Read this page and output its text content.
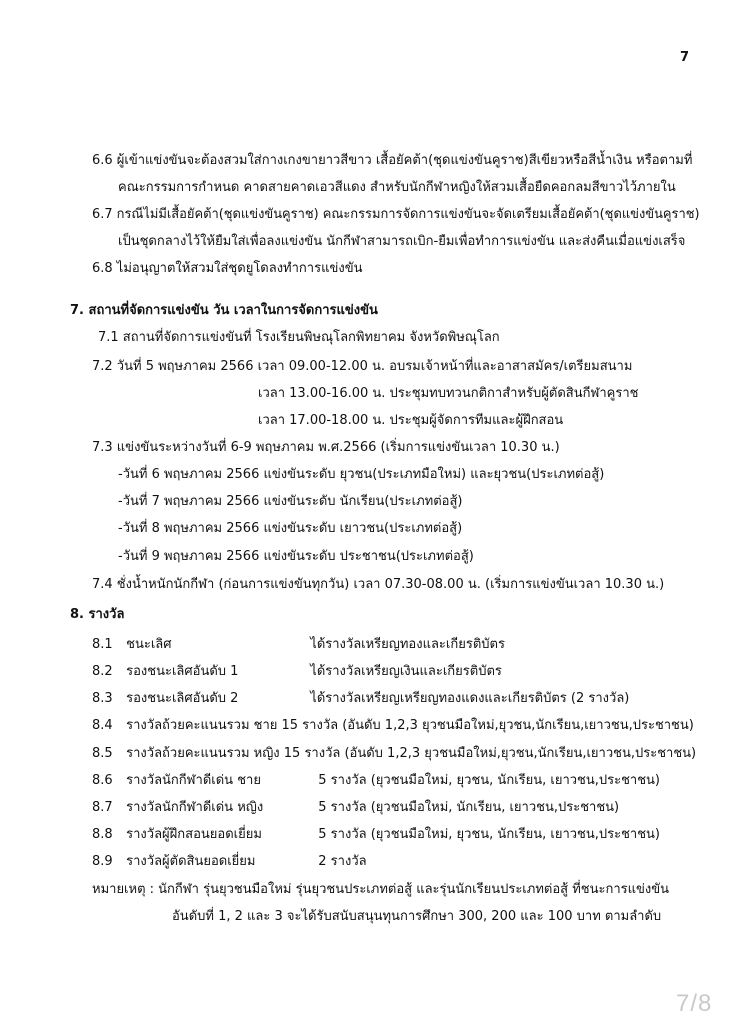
7
6.6 ผู้เข้าแข่งขันจะต้องสวมใส่กางเกงขายาวสีขาว เสื้อยัคต้า(ชุดแข่งขันคูราช)สีเขียวหรือสีน้ำเงิน หรือตามที่
คณะกรรมการกำหนด คาดสายคาดเอวสีแดง สำหรับนักกีฬาหญิงให้สวมเสื้อยืดคอกลมสีขาวไว้ภายใน
6.7 กรณีไม่มีเสื้อยัคต้า(ชุดแข่งขันคูราช) คณะกรรมการจัดการแข่งขันจะจัดเตรียมเสื้อยัคต้า(ชุดแข่งขันคูราช)
เป็นชุดกลางไว้ให้ยืมใส่เพื่อลงแข่งขัน นักกีฬาสามารถเบิก-ยืมเพื่อทำการแข่งขัน และส่งคืนเมื่อแข่งเสร็จ
6.8 ไม่อนุญาตให้สวมใส่ชุดยูโดลงทำการแข่งขัน
7. สถานที่จัดการแข่งขัน วัน เวลาในการจัดการแข่งขัน
7.1 สถานที่จัดการแข่งขันที่ โรงเรียนพิษณุโลกพิทยาคม จังหวัดพิษณุโลก
7.2 วันที่ 5 พฤษภาคม 2566 เวลา 09.00-12.00 น. อบรมเจ้าหน้าที่และอาสาสมัคร/เตรียมสนาม
เวลา 13.00-16.00 น. ประชุมทบทวนกติกาสำหรับผู้ตัดสินกีฬาคูราช
เวลา 17.00-18.00 น. ประชุมผู้จัดการทีมและผู้ฝึกสอน
7.3 แข่งขันระหว่างวันที่ 6-9 พฤษภาคม พ.ศ.2566 (เริ่มการแข่งขันเวลา 10.30 น.)
-วันที่ 6 พฤษภาคม 2566 แข่งขันระดับ ยุวชน(ประเภทมือใหม่) และยุวชน(ประเภทต่อสู้)
-วันที่ 7 พฤษภาคม 2566 แข่งขันระดับ นักเรียน(ประเภทต่อสู้)
-วันที่ 8 พฤษภาคม 2566 แข่งขันระดับ เยาวชน(ประเภทต่อสู้)
-วันที่ 9 พฤษภาคม 2566 แข่งขันระดับ ประชาชน(ประเภทต่อสู้)
7.4 ชั่งน้ำหนักนักกีฬา (ก่อนการแข่งขันทุกวัน) เวลา 07.30-08.00 น. (เริ่มการแข่งขันเวลา 10.30 น.)
8. รางวัล
8.1 ชนะเลิศ	ได้รางวัลเหรียญทองและเกียรติบัตร
8.2 รองชนะเลิศอันดับ 1	ได้รางวัลเหรียญเงินและเกียรติบัตร
8.3 รองชนะเลิศอันดับ 2	ได้รางวัลเหรียญเหรียญทองแดงและเกียรติบัตร (2 รางวัล)
8.4 รางวัลถ้วยคะแนนรวม ชาย 15 รางวัล (อันดับ 1,2,3 ยุวชนมือใหม่,ยุวชน,นักเรียน,เยาวชน,ประชาชน)
8.5 รางวัลถ้วยคะแนนรวม หญิง 15 รางวัล (อันดับ 1,2,3 ยุวชนมือใหม่,ยุวชน,นักเรียน,เยาวชน,ประชาชน)
8.6 รางวัลนักกีฬาดีเด่น ชาย	5 รางวัล (ยุวชนมือใหม่, ยุวชน, นักเรียน, เยาวชน,ประชาชน)
8.7 รางวัลนักกีฬาดีเด่น หญิง	5 รางวัล (ยุวชนมือใหม่, นักเรียน, เยาวชน,ประชาชน)
8.8 รางวัลผู้ฝึกสอนยอดเยี่ยม	5 รางวัล (ยุวชนมือใหม่, ยุวชน, นักเรียน, เยาวชน,ประชาชน)
8.9 รางวัลผู้ตัดสินยอดเยี่ยม	2 รางวัล
หมายเหตุ : นักกีฬา รุ่นยุวชนมือใหม่ รุ่นยุวชนประเภทต่อสู้ และรุ่นนักเรียนประเภทต่อสู้ ที่ชนะการแข่งขัน
อันดับที่ 1, 2 และ 3 จะได้รับสนับสนุนทุนการศึกษา 300, 200 และ 100 บาท ตามลำดับ
7/8
